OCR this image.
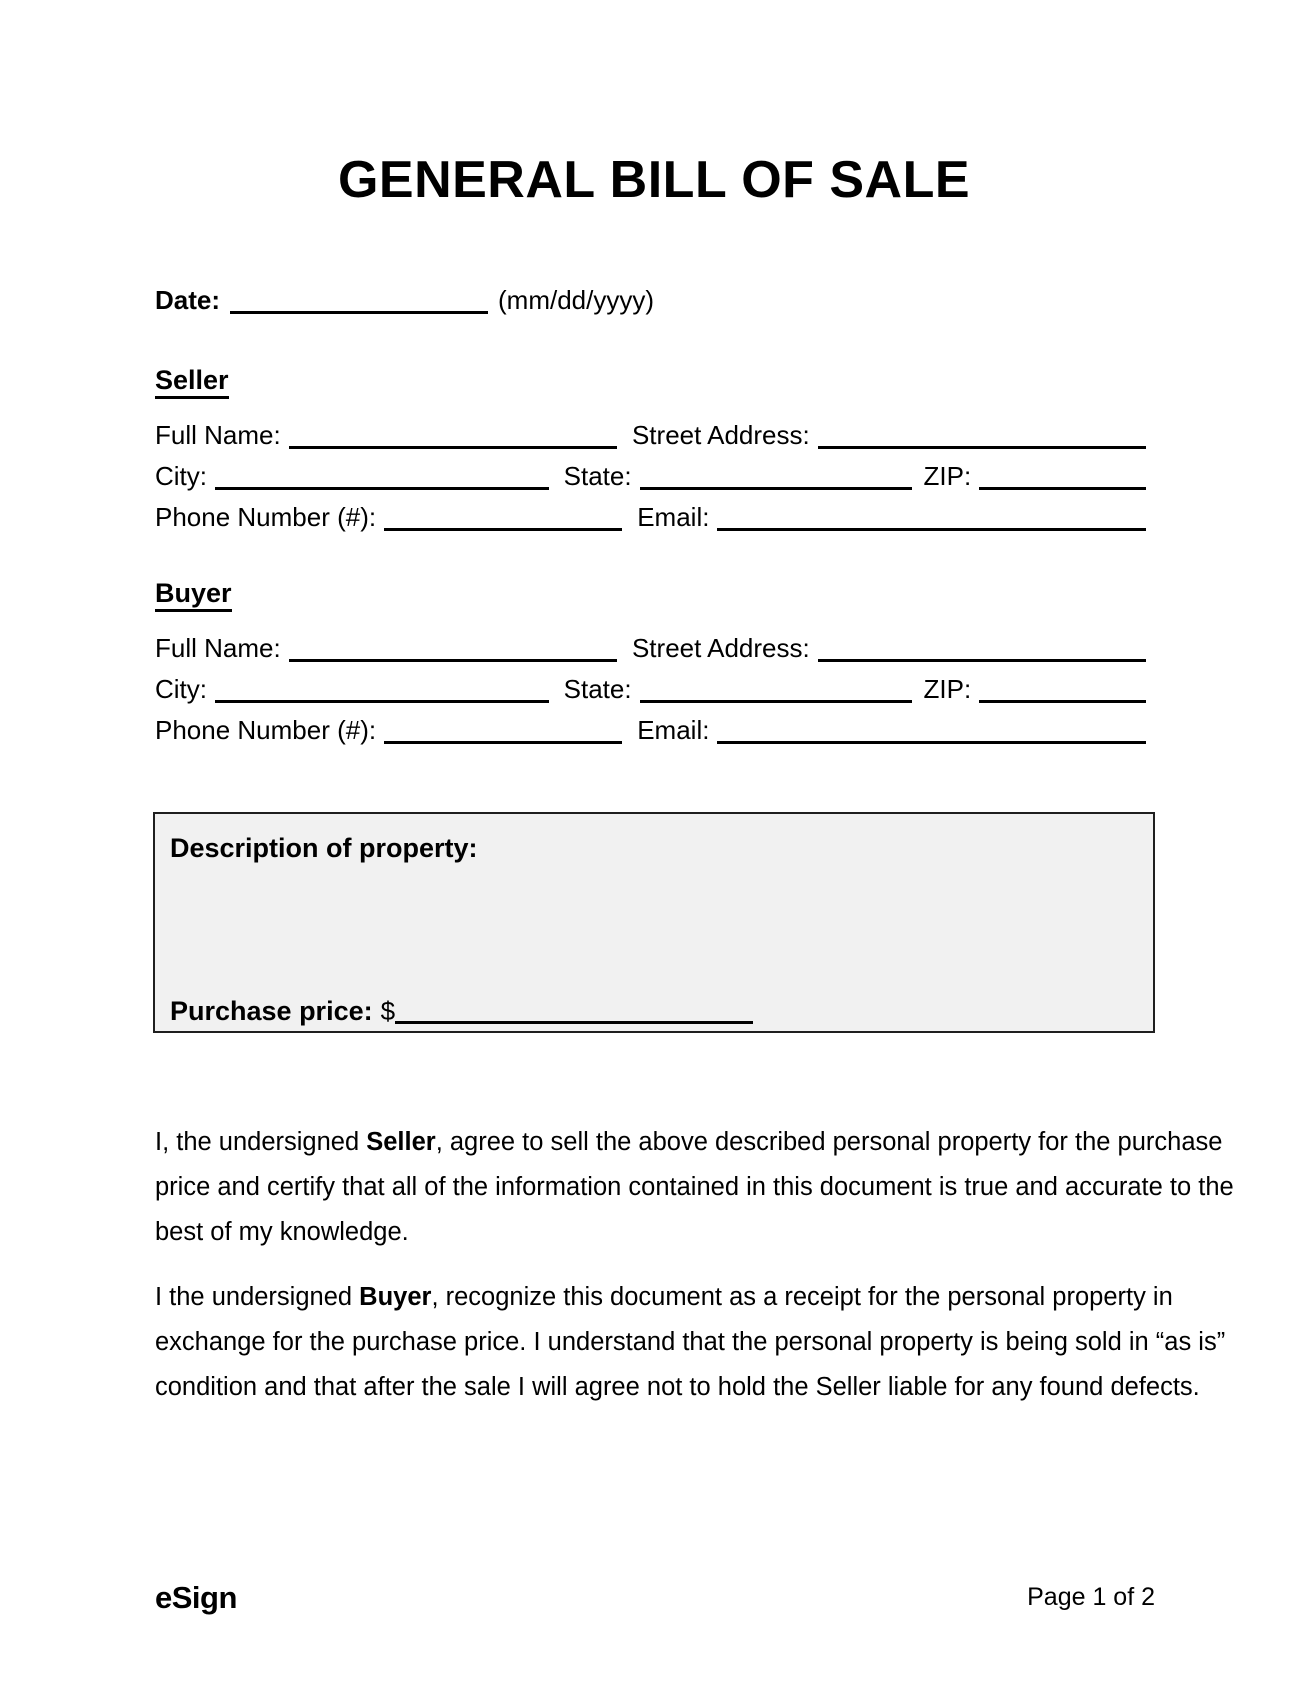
GENERAL BILL OF SALE
Date:	(mm/dd/yyyy)
Seller
Full Name:	Street Address:
City:	State:	ZIP:
Phone Number (#):	Email:
Buyer
Full Name:	Street Address:
City:	State:	ZIP:
Phone Number (#):	Email:
Description of property:
Purchase price: $
I, the undersigned Seller, agree to sell the above described personal property for the purchase
price and certify that all of the information contained in this document is true and accurate to the
best of my knowledge.
I the undersigned Buyer, recognize this document as a receipt for the personal property in
exchange for the purchase price. I understand that the personal property is being sold in “as is”
condition and that after the sale I will agree not to hold the Seller liable for any found defects.
eSign	Page 1 of 2
